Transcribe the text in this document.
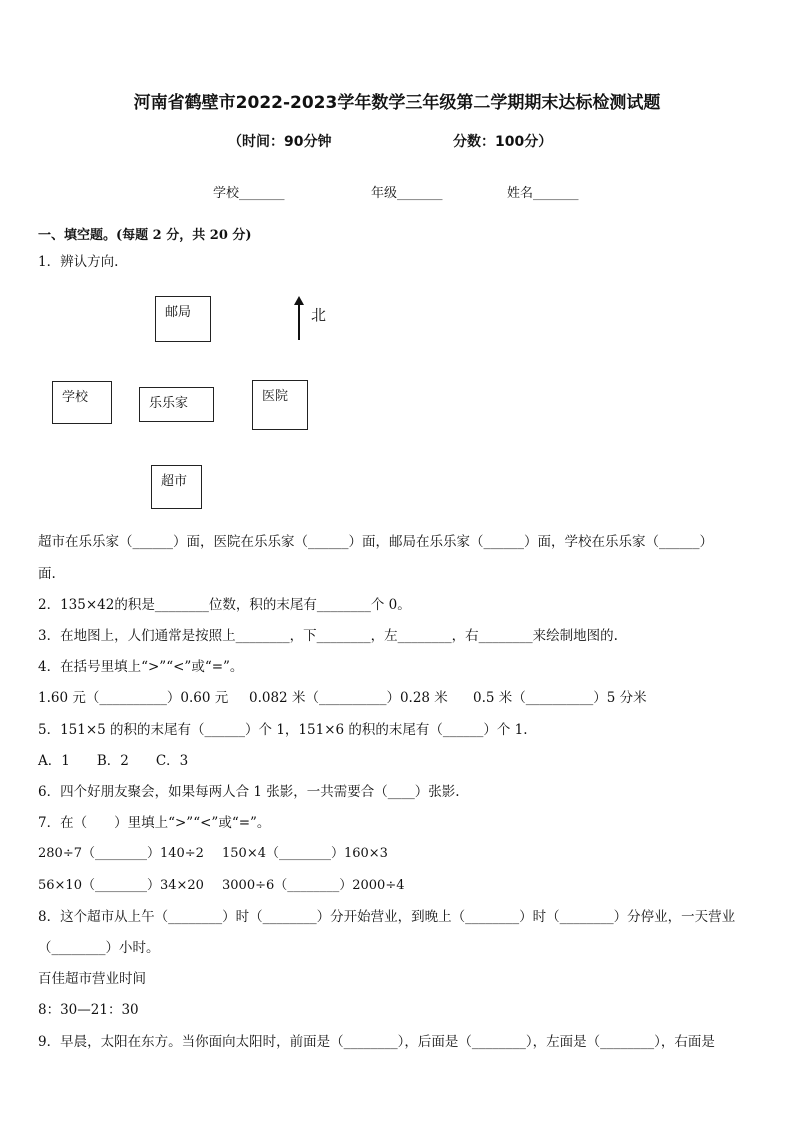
河南省鹤壁市2022-2023学年数学三年级第二学期期末达标检测试题
（时间：90分钟	分数：100分）
学校_______	年级_______	姓名_______
一、填空题。(每题 2 分，共 20 分)
1．辨认方向.
邮局	北
学校	乐乐家	医院
超市
超市在乐乐家（______）面，医院在乐乐家（______）面，邮局在乐乐家（______）面，学校在乐乐家（______）
面.
2．135×42的积是________位数，积的末尾有________个 0。
3．在地图上，人们通常是按照上________，下________，左________，右________来绘制地图的.
4．在括号里填上“>”“<”或“=”。
1.60 元（__________）0.60 元 0.082 米（__________）0.28 米 0.5 米（__________）5 分米
5．151×5 的积的末尾有（______）个 1，151×6 的积的末尾有（______）个 1.
A．1　　B．2　　C．3
6．四个好朋友聚会，如果每两人合 1 张影，一共需要合（____）张影.
7．在（　　）里填上“>”“<”或“=”。
280÷7（________）140÷2 150×4（________）160×3
56×10（________）34×20 3000÷6（________）2000÷4
8．这个超市从上午（________）时（________）分开始营业，到晚上（________）时（________）分停业，一天营业
（________）小时。
百佳超市营业时间
8：30—21：30
9．早晨，太阳在东方。当你面向太阳时，前面是（________），后面是（________），左面是（________），右面是
